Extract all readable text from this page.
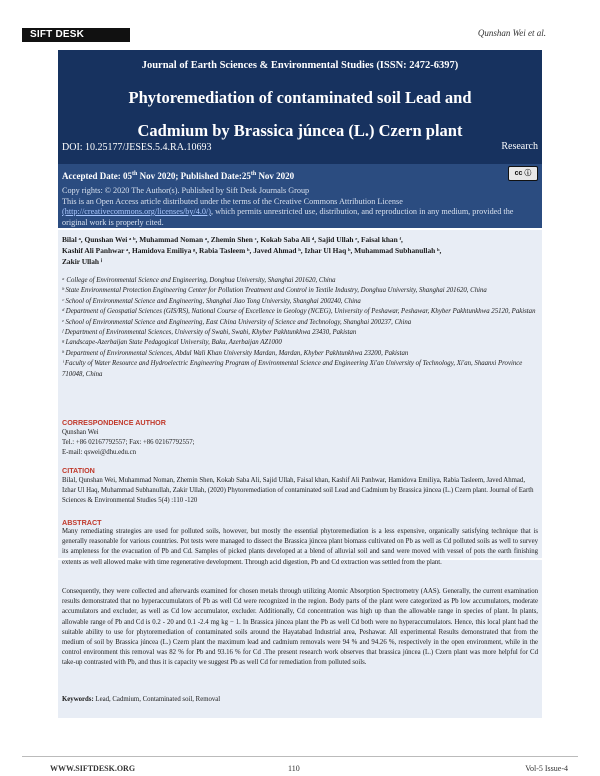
SIFT DESK	Qunshan Wei et al.
Journal of Earth Sciences & Environmental Studies (ISSN: 2472-6397)
Phytoremediation of contaminated soil Lead and
Cadmium by Brassica júncea (L.) Czern plant
DOI: 10.25177/JESES.5.4.RA.10693	Research
Accepted Date: 05th Nov 2020; Published Date:25th Nov 2020	cc ⓘ
Copy rights: © 2020 The Author(s). Published by Sift Desk Journals Group
This is an Open Access article distributed under the terms of the Creative Commons Attribution License
(http://creativecommons.org/licenses/by/4.0/), which permits unrestricted use, distribution, and reproduction in any medium, provided the original work is properly cited.
Bilal ᵃ, Qunshan Wei ᵃ ᵇ, Muhammad Noman ᵃ, Zhemin Shen ᶜ, Kokab Saba Ali ᵈ, Sajid Ullah ᵉ, Faisal khan ᶠ,
Kashif Ali Panhwar ᵃ, Hamidova Emiliya ᵍ, Rabia Tasleem ʰ, Javed Ahmad ʰ, Izhar Ul Haq ʰ, Muhammad Subhanullah ʰ,
Zakir Ullah ⁱ
ᵃ College of Environmental Science and Engineering, Donghua University, Shanghai 201620, China
ᵇ State Environmental Protection Engineering Center for Pollution Treatment and Control in Textile Industry, Donghua University, Shanghai 201620, China
ᶜ School of Environmental Science and Engineering, Shanghai Jiao Tong University, Shanghai 200240, China
ᵈ Department of Geospatial Sciences (GIS/RS), National Course of Excellence in Geology (NCEG), University of Peshawar, Peshawar, Khyber Pakhtunkhwa 25120, Pakistan
ᵉ School of Environmental Science and Engineering, East China University of Science and Technology, Shanghai 200237, China
ᶠ Department of Environmental Sciences, University of Swabi, Swabi, Khyber Pakhtunkhwa 23430, Pakistan
ᵍ Landscape-Azerbaijan State Pedagogical University, Baku, Azerbaijan AZ1000
ʰ Department of Environmental Sciences, Abdul Wali Khan University Mardan, Mardan, Khyber Pakhtunkhwa 23200, Pakistan
ⁱ Faculty of Water Resource and Hydroelectric Engineering Program of Environmental Science and Engineering Xi'an University of Technology, Xi'an, Shaanxi Province 710048, China
CORRESPONDENCE AUTHOR
Qunshan Wei
Tel.: +86 02167792557; Fax: +86 02167792557;
E-mail: qswei@dhu.edu.cn
CITATION
Bilal, Qunshan Wei, Muhammad Noman, Zhemin Shen, Kokab Saba Ali, Sajid Ullah, Faisal khan, Kashif Ali Panhwar, Hamidova Emiliya, Rabia Tasleem, Javed Ahmad, Izhar Ul Haq, Muhammad Subhanullah, Zakir Ullah, (2020) Phytoremediation of contaminated soil Lead and Cadmium by Brassica júncea (L.) Czern plant. Journal of Earth Sciences & Environmental Studies 5(4) :110 -120
ABSTRACT
Many remediating strategies are used for polluted soils, however, but mostly the essential phytoremediation is a less expensive, organically satisfying technique that is generally reasonable for various countries. Pot tests were managed to dissect the Brassica júncea plant biomass cultivated on Pb as well as Cd polluted soils as well to survey its ampleness for the evacuation of Pb and Cd. Samples of picked plants developed at a blend of alluvial soil and sand were moved with vessel of pots the earth finishing extents as well allowed make with time regenerative development. Through acid digestion, Pb and Cd extraction was settled from the plant.
Consequently, they were collected and afterwards examined for chosen metals through utilizing Atomic Absorption Spectrometry (AAS). Generally, the current examination results demonstrated that no hyperaccumulators of Pb as well Cd were recognized in the region. Body parts of the plant were categorized as Pb low accumulators, moderate accumulators and excluder, as well as Cd low accumulator, excluder. Additionally, Cd concentration was high up than the allowable range in species of plant. In plants, allowable range of Pb and Cd is 0.2 - 20 and 0.1 -2.4 mg kg − 1. In Brassica júncea plant the Pb as well Cd both were no hyperaccumulators. Hence, this local plant had the suitable ability to use for phytoremediation of contaminated soils around the Hayatabad Industrial area, Peshawar. All experimental Results demonstrated that from the medium of soil by Brassica júncea (L.) Czern plant the maximum lead and cadmium removals were 94 % and 94.26 %, respectively in the open environment, while in the control environment this removal was 82 % for Pb and 93.16 % for Cd .The present research work observes that brassica júncea (L.) Czern plant was more helpful for Cd take-up contrasted with Pb, and thus it is capacity we suggest Pb as well Cd for remediation from polluted soils.
Keywords: Lead, Cadmium, Contaminated soil, Removal
WWW.SIFTDESK.ORG	110	Vol-5 Issue-4
